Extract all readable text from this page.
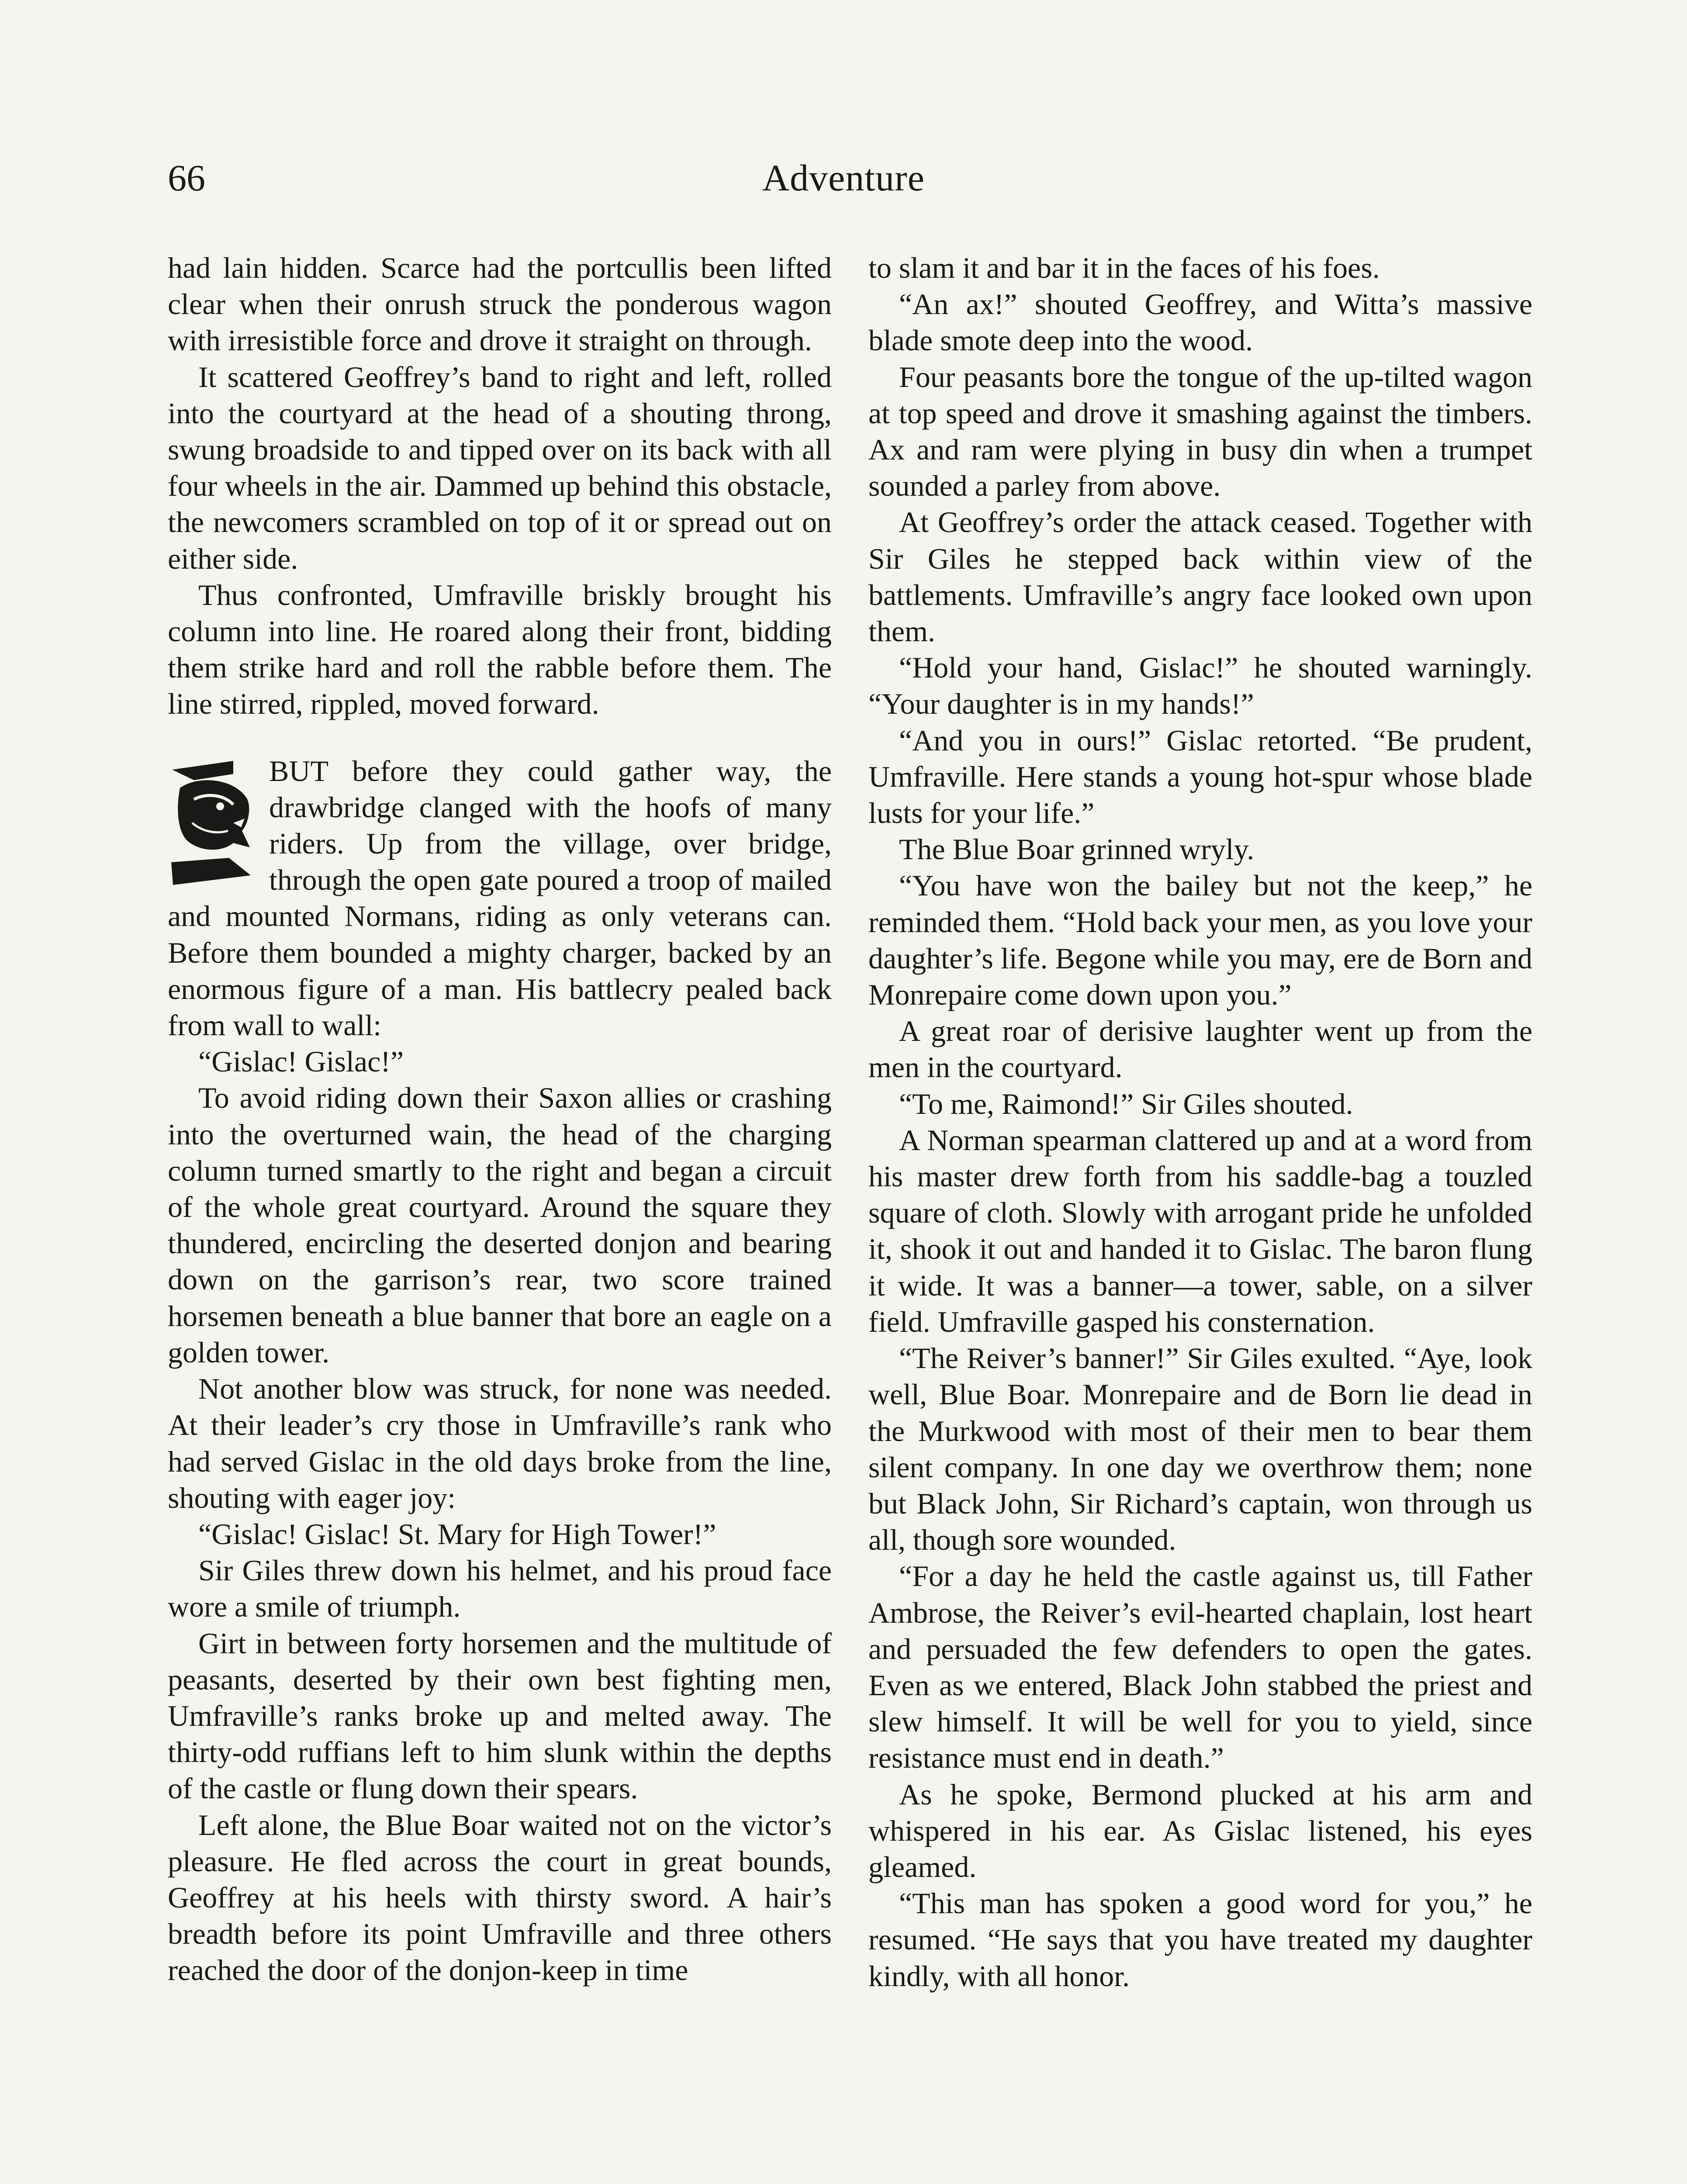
66	Adventure

had lain hidden. Scarce had the portcullis been lifted clear when their onrush struck the ponderous wagon with irresistible force and drove it straight on through.

It scattered Geoffrey’s band to right and left, rolled into the courtyard at the head of a shouting throng, swung broadside to and tipped over on its back with all four wheels in the air. Dammed up behind this obstacle, the newcomers scrambled on top of it or spread out on either side.

Thus confronted, Umfraville briskly brought his column into line. He roared along their front, bidding them strike hard and roll the rabble before them. The line stirred, rippled, moved forward.

BUT before they could gather way, the drawbridge clanged with the hoofs of many riders. Up from the village, over bridge, through the open gate poured a troop of mailed and mounted Normans, riding as only veterans can. Before them bounded a mighty charger, backed by an enormous figure of a man. His battlecry pealed back from wall to wall:

“Gislac! Gislac!”

To avoid riding down their Saxon allies or crashing into the overturned wain, the head of the charging column turned smartly to the right and began a circuit of the whole great courtyard. Around the square they thundered, encircling the deserted donjon and bearing down on the garrison’s rear, two score trained horsemen beneath a blue banner that bore an eagle on a golden tower.

Not another blow was struck, for none was needed. At their leader’s cry those in Umfraville’s rank who had served Gislac in the old days broke from the line, shouting with eager joy:

“Gislac! Gislac! St. Mary for High Tower!”

Sir Giles threw down his helmet, and his proud face wore a smile of triumph.

Girt in between forty horsemen and the multitude of peasants, deserted by their own best fighting men, Umfraville’s ranks broke up and melted away. The thirty-odd ruffians left to him slunk within the depths of the castle or flung down their spears.

Left alone, the Blue Boar waited not on the victor’s pleasure. He fled across the court in great bounds, Geoffrey at his heels with thirsty sword. A hair’s breadth before its point Umfraville and three others reached the door of the donjon-keep in time

to slam it and bar it in the faces of his foes.

“An ax!” shouted Geoffrey, and Witta’s massive blade smote deep into the wood.

Four peasants bore the tongue of the up-tilted wagon at top speed and drove it smashing against the timbers. Ax and ram were plying in busy din when a trumpet sounded a parley from above.

At Geoffrey’s order the attack ceased. Together with Sir Giles he stepped back within view of the battlements. Umfraville’s angry face looked own upon them.

“Hold your hand, Gislac!” he shouted warningly. “Your daughter is in my hands!”

“And you in ours!” Gislac retorted. “Be prudent, Umfraville. Here stands a young hot-spur whose blade lusts for your life.”

The Blue Boar grinned wryly.

“You have won the bailey but not the keep,” he reminded them. “Hold back your men, as you love your daughter’s life. Begone while you may, ere de Born and Monrepaire come down upon you.”

A great roar of derisive laughter went up from the men in the courtyard.

“To me, Raimond!” Sir Giles shouted.

A Norman spearman clattered up and at a word from his master drew forth from his saddle-bag a touzled square of cloth. Slowly with arrogant pride he unfolded it, shook it out and handed it to Gislac. The baron flung it wide. It was a banner—a tower, sable, on a silver field. Umfraville gasped his consternation.

“The Reiver’s banner!” Sir Giles exulted. “Aye, look well, Blue Boar. Monrepaire and de Born lie dead in the Murkwood with most of their men to bear them silent company. In one day we overthrow them; none but Black John, Sir Richard’s captain, won through us all, though sore wounded.

“For a day he held the castle against us, till Father Ambrose, the Reiver’s evil-hearted chaplain, lost heart and persuaded the few defenders to open the gates. Even as we entered, Black John stabbed the priest and slew himself. It will be well for you to yield, since resistance must end in death.”

As he spoke, Bermond plucked at his arm and whispered in his ear. As Gislac listened, his eyes gleamed.

“This man has spoken a good word for you,” he resumed. “He says that you have treated my daughter kindly, with all honor.
